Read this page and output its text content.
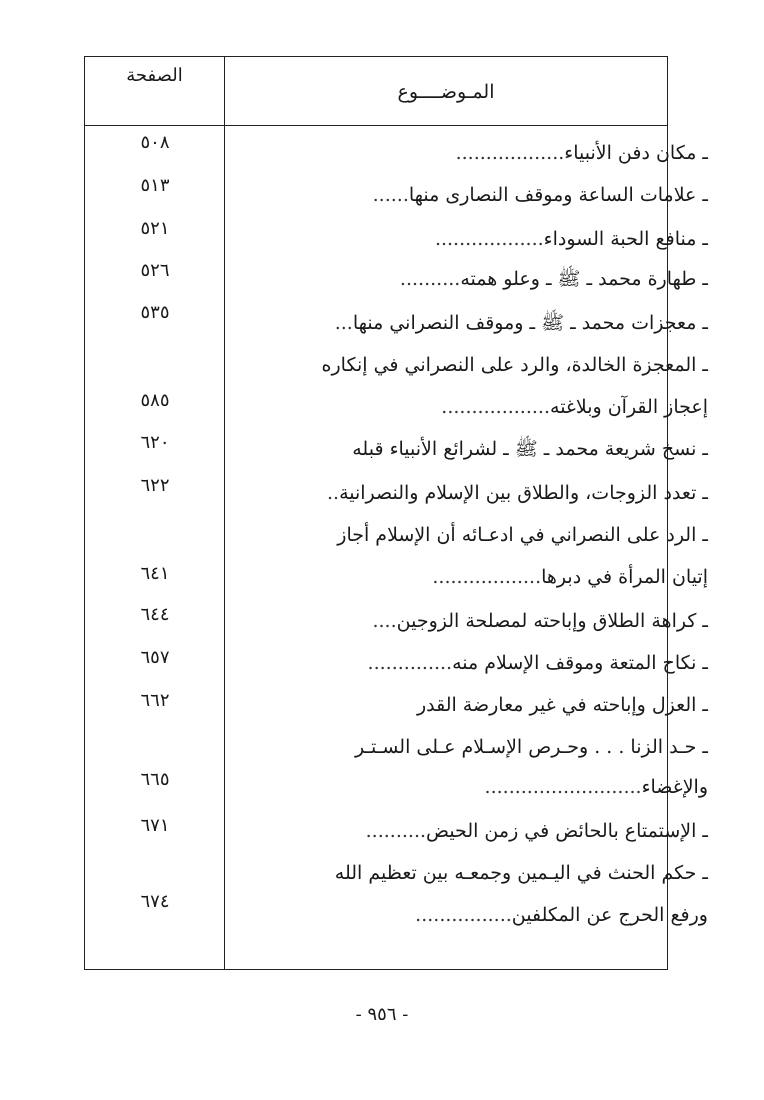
الصفحة
المـوضــــوع
ـ مكان دفن الأنبياء..................
٥٠٨
ـ علامات الساعة وموقف النصارى منها......
٥١٣
ـ منافع الحبة السوداء..................
٥٢١
ـ طهارة محمد ـ ﷺ ـ وعلو همته..........
٥٢٦
ـ معجزات محمد ـ ﷺ ـ وموقف النصراني منها...
٥٣٥
ـ المعجزة الخالدة، والرد على النصراني في إنكاره
إعجاز القرآن وبلاغته..................
٥٨٥
ـ نسخ شريعة محمد ـ ﷺ ـ لشرائع الأنبياء قبله
٦٢٠
ـ تعدد الزوجات، والطلاق بين الإسلام والنصرانية..
٦٢٢
ـ الرد على النصراني في ادعـائه أن الإسلام أجاز
إتيان المرأة في دبرها..................
٦٤١
ـ كراهة الطلاق وإباحته لمصلحة الزوجين....
٦٤٤
ـ نكاح المتعة وموقف الإسلام منه..............
٦٥٧
ـ العزل وإباحته في غير معارضة القدر
٦٦٢
ـ حـد الزنا . . . وحـرص الإسـلام عـلى السـتـر
والإغضاء..........................
٦٦٥
ـ الإستمتاع بالحائض في زمن الحيض..........
٦٧١
ـ حكم الحنث في اليـمين وجمعـه بين تعظيم الله
ورفع الحرج عن المكلفين................
٦٧٤
- ٩٥٦ -
